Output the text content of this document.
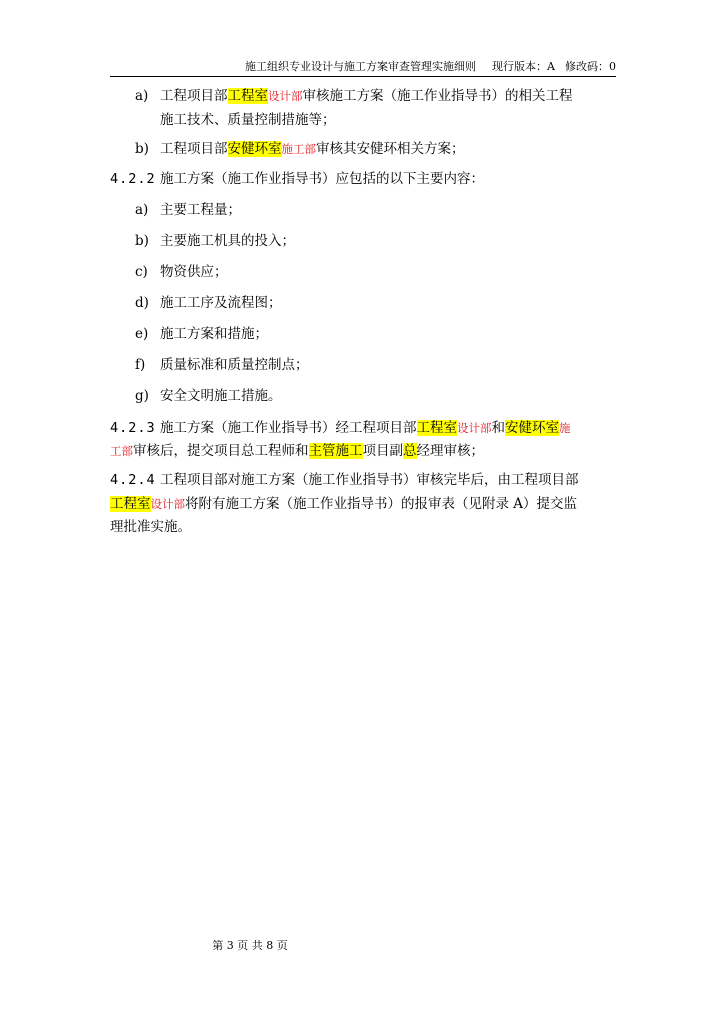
施工组织专业设计与施工方案审查管理实施细则 现行版本：A 修改码：0
a) 工程项目部工程室设计部审核施工方案（施工作业指导书）的相关工程
施工技术、质量控制措施等；
b) 工程项目部安健环室施工部审核其安健环相关方案；
4.2.2 施工方案（施工作业指导书）应包括的以下主要内容：
a) 主要工程量；
b) 主要施工机具的投入；
c) 物资供应；
d) 施工工序及流程图；
e) 施工方案和措施；
f) 质量标准和质量控制点；
g) 安全文明施工措施。
4.2.3 施工方案（施工作业指导书）经工程项目部工程室设计部和安健环室施
工部审核后，提交项目总工程师和主管施工项目副总经理审核；
4.2.4 工程项目部对施工方案（施工作业指导书）审核完毕后，由工程项目部
工程室设计部将附有施工方案（施工作业指导书）的报审表（见附录 A）提交监
理批准实施。
第 3 页 共 8 页
